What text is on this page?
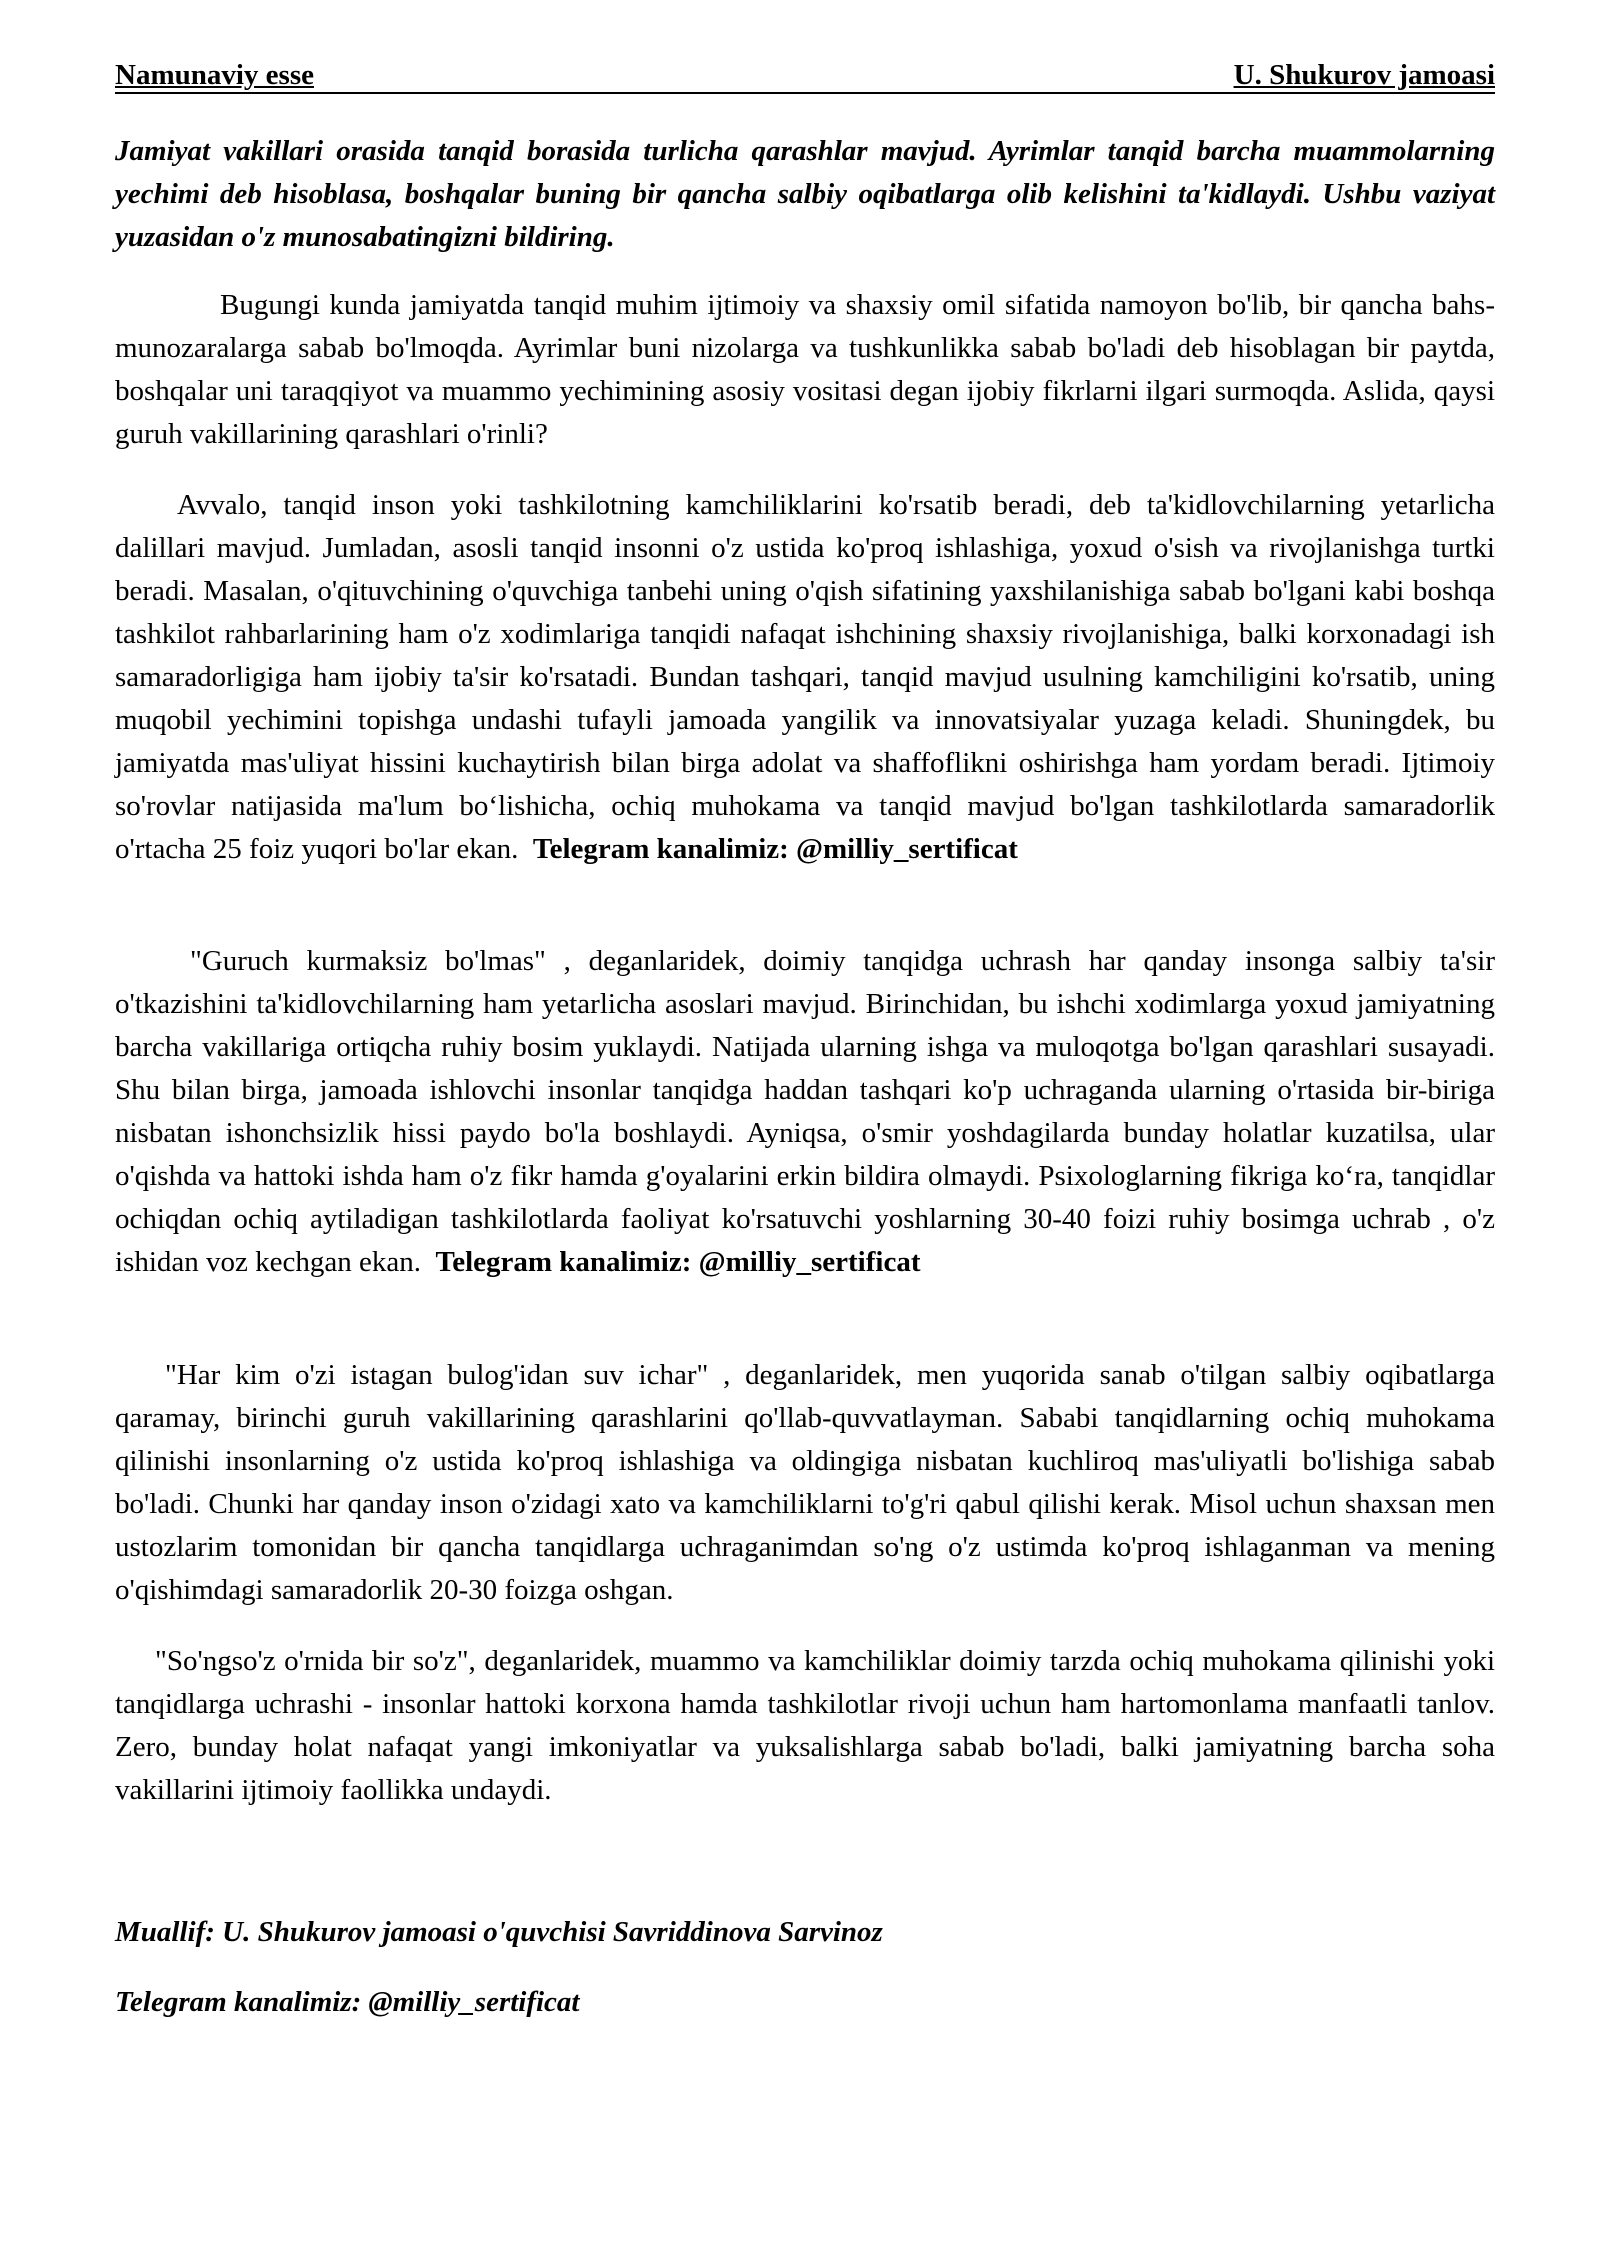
Namunaviy esse	U. Shukurov jamoasi

Jamiyat vakillari orasida tanqid borasida turlicha qarashlar mavjud. Ayrimlar tanqid barcha muammolarning yechimi deb hisoblasa, boshqalar buning bir qancha salbiy oqibatlarga olib kelishini ta'kidlaydi. Ushbu vaziyat yuzasidan o'z munosabatingizni bildiring.

Bugungi kunda jamiyatda tanqid muhim ijtimoiy va shaxsiy omil sifatida namoyon bo'lib, bir qancha bahs-munozaralarga sabab bo'lmoqda. Ayrimlar buni nizolarga va tushkunlikka sabab bo'ladi deb hisoblagan bir paytda, boshqalar uni taraqqiyot va muammo yechimining asosiy vositasi degan ijobiy fikrlarni ilgari surmoqda. Aslida, qaysi guruh vakillarining qarashlari o'rinli?

Avvalo, tanqid inson yoki tashkilotning kamchiliklarini ko'rsatib beradi, deb ta'kidlovchilarning yetarlicha dalillari mavjud. Jumladan, asosli tanqid insonni o'z ustida ko'proq ishlashiga, yoxud o'sish va rivojlanishga turtki beradi. Masalan, o'qituvchining o'quvchiga tanbehi uning o'qish sifatining yaxshilanishiga sabab bo'lgani kabi boshqa tashkilot rahbarlarining ham o'z xodimlariga tanqidi nafaqat ishchining shaxsiy rivojlanishiga, balki korxonadagi ish samaradorligiga ham ijobiy ta'sir ko'rsatadi. Bundan tashqari, tanqid mavjud usulning kamchiligini ko'rsatib, uning muqobil yechimini topishga undashi tufayli jamoada yangilik va innovatsiyalar yuzaga keladi. Shuningdek, bu jamiyatda mas'uliyat hissini kuchaytirish bilan birga adolat va shaffoflikni oshirishga ham yordam beradi. Ijtimoiy so'rovlar natijasida ma'lum bo‘lishicha, ochiq muhokama va tanqid mavjud bo'lgan tashkilotlarda samaradorlik o'rtacha 25 foiz yuqori bo'lar ekan. Telegram kanalimiz: @milliy_sertificat

"Guruch kurmaksiz bo'lmas" , deganlaridek, doimiy tanqidga uchrash har qanday insonga salbiy ta'sir o'tkazishini ta'kidlovchilarning ham yetarlicha asoslari mavjud. Birinchidan, bu ishchi xodimlarga yoxud jamiyatning barcha vakillariga ortiqcha ruhiy bosim yuklaydi. Natijada ularning ishga va muloqotga bo'lgan qarashlari susayadi. Shu bilan birga, jamoada ishlovchi insonlar tanqidga haddan tashqari ko'p uchraganda ularning o'rtasida bir-biriga nisbatan ishonchsizlik hissi paydo bo'la boshlaydi. Ayniqsa, o'smir yoshdagilarda bunday holatlar kuzatilsa, ular o'qishda va hattoki ishda ham o'z fikr hamda g'oyalarini erkin bildira olmaydi. Psixologlarning fikriga ko‘ra, tanqidlar ochiqdan ochiq aytiladigan tashkilotlarda faoliyat ko'rsatuvchi yoshlarning 30-40 foizi ruhiy bosimga uchrab , o'z ishidan voz kechgan ekan. Telegram kanalimiz: @milliy_sertificat

"Har kim o'zi istagan bulog'idan suv ichar" , deganlaridek, men yuqorida sanab o'tilgan salbiy oqibatlarga qaramay, birinchi guruh vakillarining qarashlarini qo'llab-quvvatlayman. Sababi tanqidlarning ochiq muhokama qilinishi insonlarning o'z ustida ko'proq ishlashiga va oldingiga nisbatan kuchliroq mas'uliyatli bo'lishiga sabab bo'ladi. Chunki har qanday inson o'zidagi xato va kamchiliklarni to'g'ri qabul qilishi kerak. Misol uchun shaxsan men ustozlarim tomonidan bir qancha tanqidlarga uchraganimdan so'ng o'z ustimda ko'proq ishlaganman va mening o'qishimdagi samaradorlik 20-30 foizga oshgan.

"So'ngso'z o'rnida bir so'z", deganlaridek, muammo va kamchiliklar doimiy tarzda ochiq muhokama qilinishi yoki tanqidlarga uchrashi - insonlar hattoki korxona hamda tashkilotlar rivoji uchun ham hartomonlama manfaatli tanlov. Zero, bunday holat nafaqat yangi imkoniyatlar va yuksalishlarga sabab bo'ladi, balki jamiyatning barcha soha vakillarini ijtimoiy faollikka undaydi.

Muallif: U. Shukurov jamoasi o'quvchisi Savriddinova Sarvinoz

Telegram kanalimiz: @milliy_sertificat
